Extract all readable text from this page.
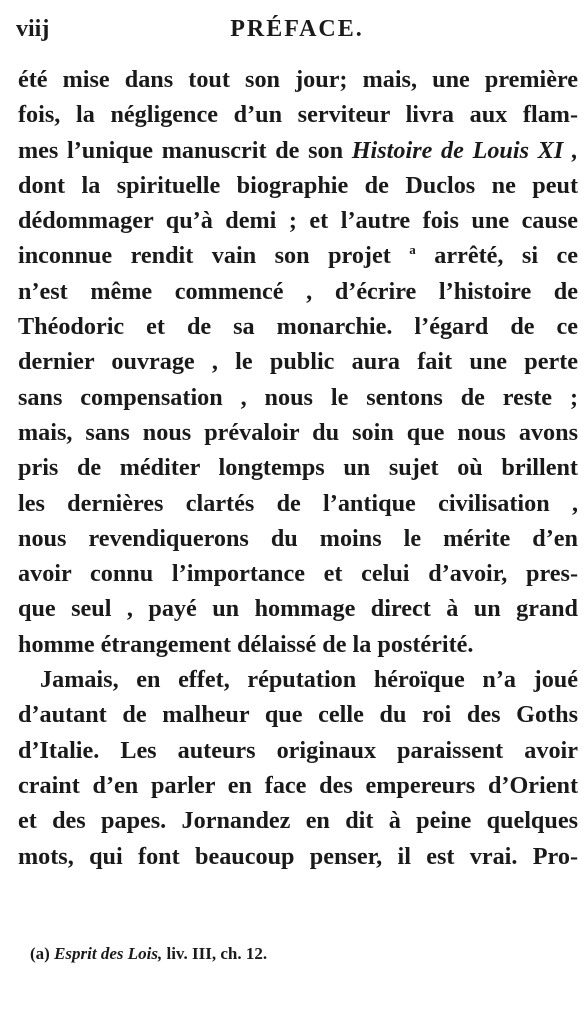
viij	PRÉFACE.
été mise dans tout son jour; mais, une première
fois, la négligence d’un serviteur livra aux flam-
mes l’unique manuscrit de son Histoire de Louis XI ,
dont la spirituelle biographie de Duclos ne peut
dédommager qu’à demi ; et l’autre fois une cause
inconnue rendit vain son projet $^a$ arrêté, si ce
n’est même commencé , d’écrire l’histoire de
Théodoric et de sa monarchie. l’égard de ce
dernier ouvrage , le public aura fait une perte
sans compensation , nous le sentons de reste ;
mais, sans nous prévaloir du soin que nous avons
pris de méditer longtemps un sujet où brillent
les dernières clartés de l’antique civilisation ,
nous revendiquerons du moins le mérite d’en
avoir connu l’importance et celui d’avoir, pres-
que seul , payé un hommage direct à un grand
homme étrangement délaissé de la postérité.
Jamais, en effet, réputation héroïque n’a joué
d’autant de malheur que celle du roi des Goths
d’Italie. Les auteurs originaux paraissent avoir
craint d’en parler en face des empereurs d’Orient
et des papes. Jornandez en dit à peine quelques
mots, qui font beaucoup penser, il est vrai. Pro-
(a) Esprit des Lois, liv. III, ch. 12.
